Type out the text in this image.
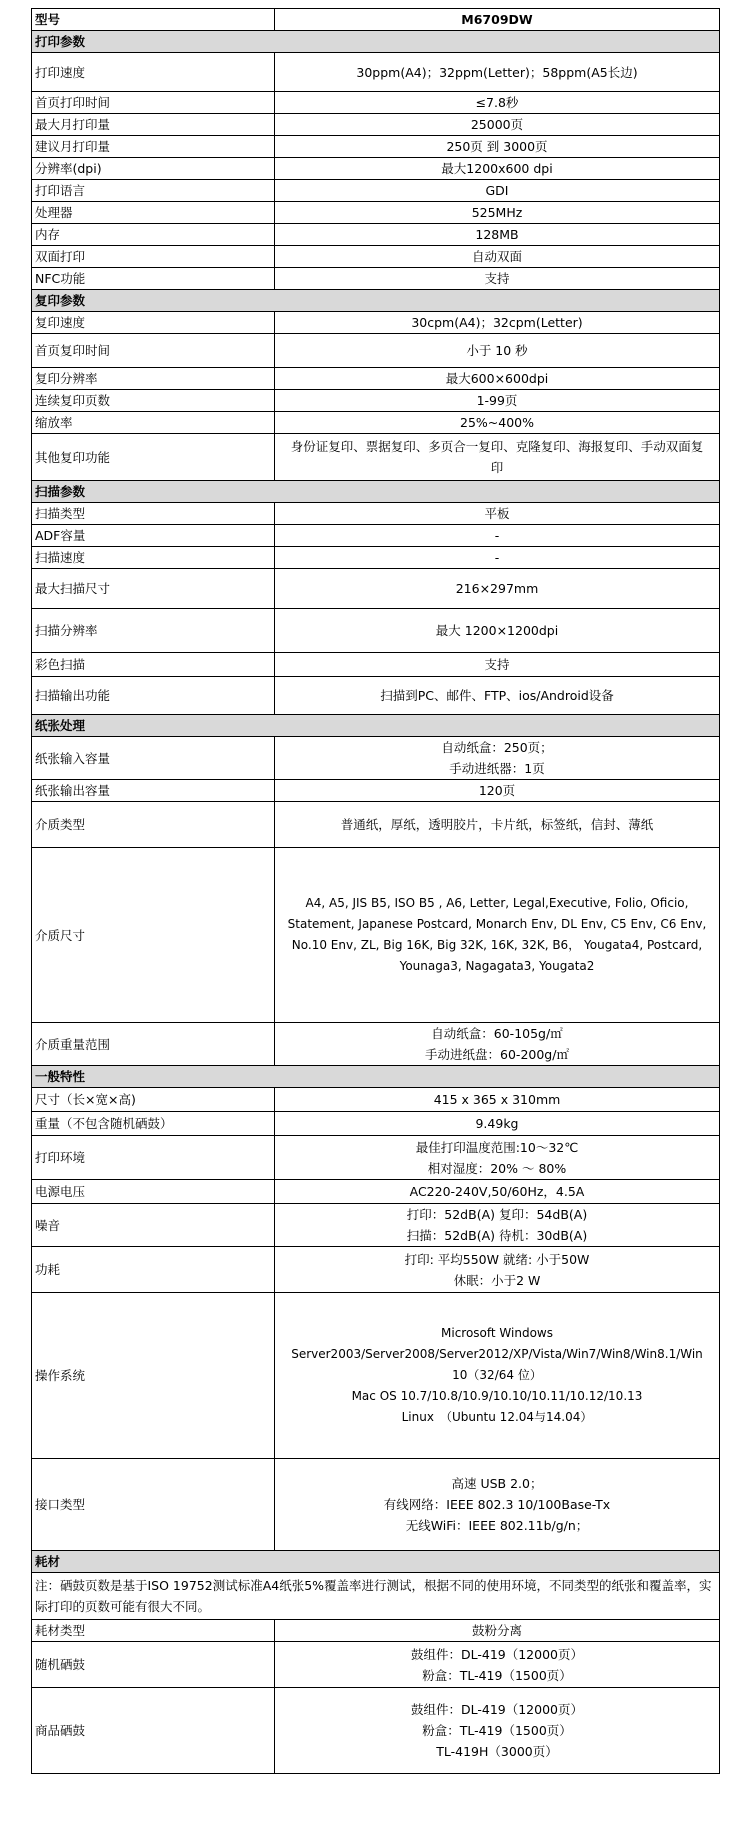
型号	M6709DW
打印参数	
打印速度	30ppm(A4)；32ppm(Letter)；58ppm(A5长边)
首页打印时间	≤7.8秒
最大月打印量	25000页
建议月打印量	250页 到 3000页
分辨率(dpi)	最大1200x600 dpi
打印语言	GDI
处理器	525MHz
内存	128MB
双面打印	自动双面
NFC功能	支持
复印参数	
复印速度	30cpm(A4)；32cpm(Letter)
首页复印时间	小于 10 秒
复印分辨率	最大600×600dpi
连续复印页数	1-99页
缩放率	25%~400%
其他复印功能	身份证复印、票据复印、多页合一复印、克隆复印、海报复印、手动双面复
印

扫描参数	
扫描类型	平板
ADF容量	-
扫描速度	-
最大扫描尺寸	216×297mm
扫描分辨率	最大 1200×1200dpi
彩色扫描	支持
扫描输出功能	扫描到PC、邮件、FTP、ios/Android设备
纸张处理	
纸张输入容量	自动纸盒：250页；
手动进纸器：1页

纸张输出容量	120页
介质类型	普通纸，厚纸，透明胶片，卡片纸，标签纸，信封、薄纸
介质尺寸	A4, A5, JIS B5, ISO B5 , A6, Letter, Legal,Executive, Folio, Oficio,
Statement, Japanese Postcard, Monarch Env, DL Env, C5 Env, C6 Env,
No.10 Env, ZL, Big 16K, Big 32K, 16K, 32K, B6， Yougata4, Postcard,
Younaga3, Nagagata3, Yougata2

介质重量范围	自动纸盒：60-105g/㎡
手动进纸盘：60-200g/㎡

一般特性	
尺寸（长×宽×高)	415 x 365 x 310mm
重量（不包含随机硒鼓）	9.49kg
打印环境	最佳打印温度范围:10～32℃
相对湿度：20% ～ 80%

电源电压	AC220-240V,50/60Hz，4.5A
噪音	打印：52dB(A) 复印：54dB(A)
扫描：52dB(A) 待机：30dB(A)

功耗	打印: 平均550W 就绪: 小于50W
休眠：小于2 W

操作系统	Microsoft Windows
Server2003/Server2008/Server2012/XP/Vista/Win7/Win8/Win8.1/Win
10（32/64 位）
Mac OS 10.7/10.8/10.9/10.10/10.11/10.12/10.13
Linux　（Ubuntu 12.04与14.04）

接口类型	高速 USB 2.0；
有线网络：IEEE 802.3 10/100Base-Tx
无线WiFi：IEEE 802.11b/g/n；

耗材	
注：硒鼓页数是基于ISO 19752测试标准A4纸张5%覆盖率进行测试，根据不同的使用环境，不同类型的纸张和覆盖率，实际打印的页数可能有很大不同。	
耗材类型	鼓粉分离
随机硒鼓	鼓组件：DL-419（12000页）
粉盒：TL-419（1500页）

商品硒鼓	鼓组件：DL-419（12000页）
粉盒：TL-419（1500页）
TL-419H（3000页）
